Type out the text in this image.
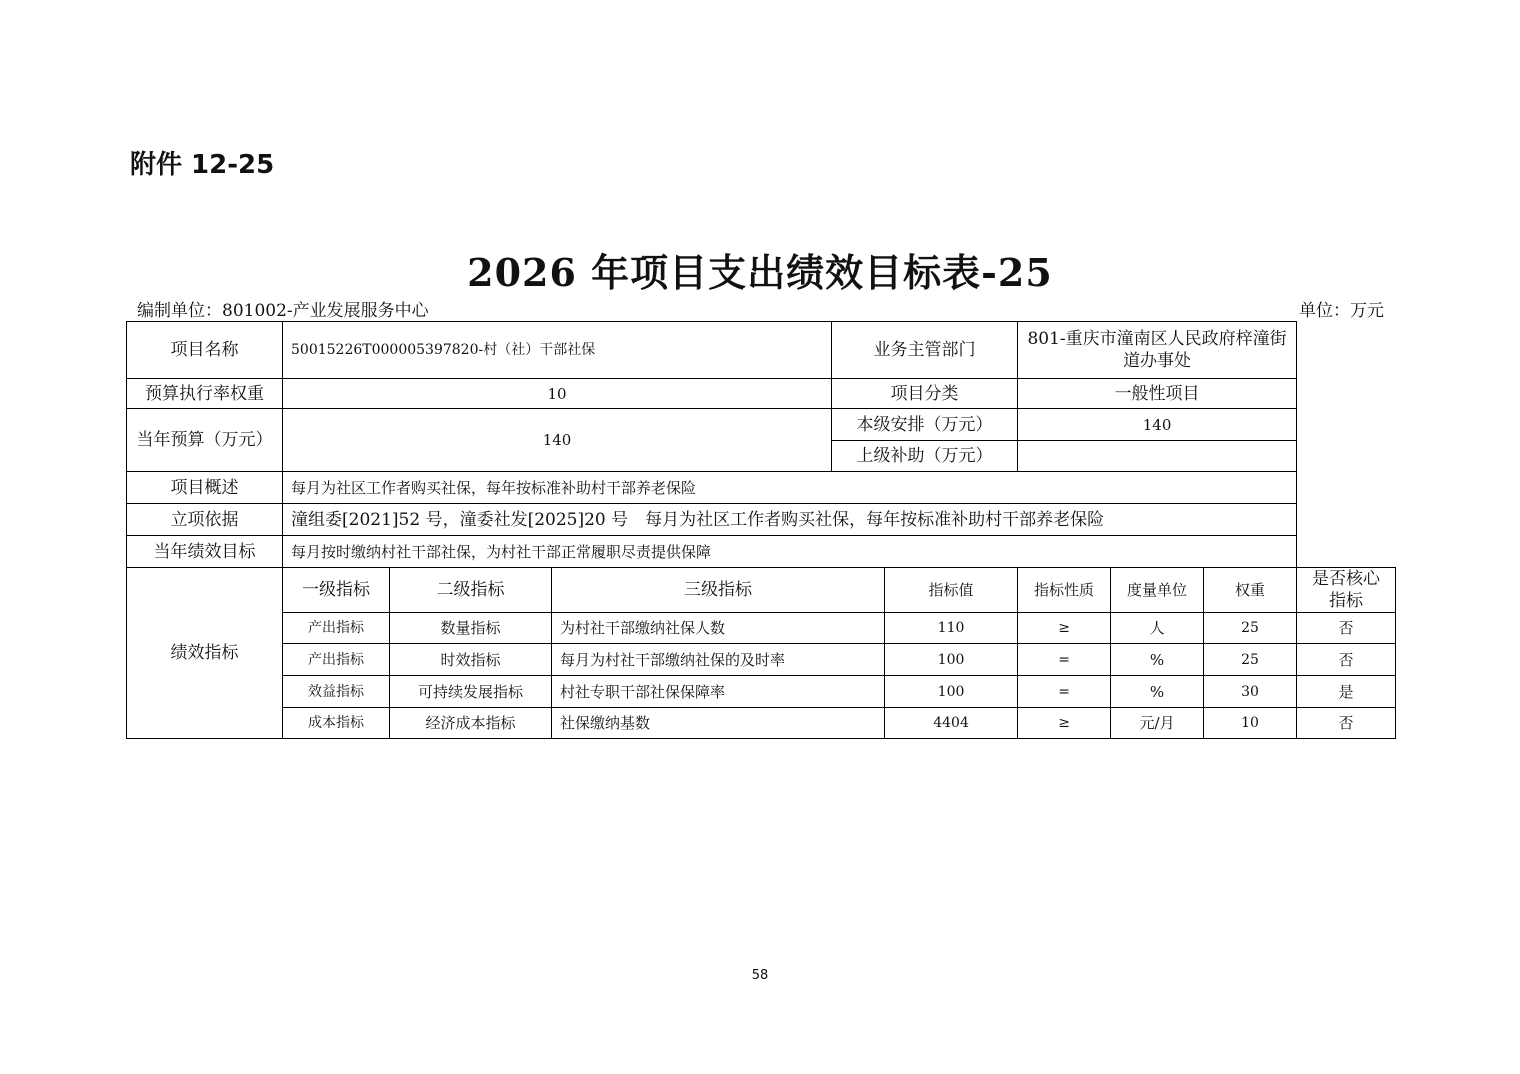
附件 12-25
2026 年项目支出绩效目标表-25
编制单位：801002-产业发展服务中心	单位：万元
项目名称	50015226T000005397820-村（社）干部社保			业务主管部门		801-重庆市潼南区人民政府梓潼街道办事处			
预算执行率权重	10			项目分类		一般性项目			
当年预算（万元）	140			本级安排（万元）		140			
				上级补助（万元）					
项目概述	每月为社区工作者购买社保，每年按标准补助村干部养老保险								
立项依据	潼组委[2021]52 号，潼委社发[2025]20 号　每月为社区工作者购买社保，每年按标准补助村干部养老保险								
当年绩效目标	每月按时缴纳村社干部社保，为村社干部正常履职尽责提供保障								
绩效指标	一级指标	二级指标	三级指标		指标值	指标性质	度量单位	权重	是否核心指标
	产出指标	数量指标	为村社干部缴纳社保人数		110	≥	人	25	否
	产出指标	时效指标	每月为村社干部缴纳社保的及时率		100	=	%	25	否
	效益指标	可持续发展指标	村社专职干部社保保障率		100	=	%	30	是
	成本指标	经济成本指标	社保缴纳基数		4404	≥	元/月	10	否
58
